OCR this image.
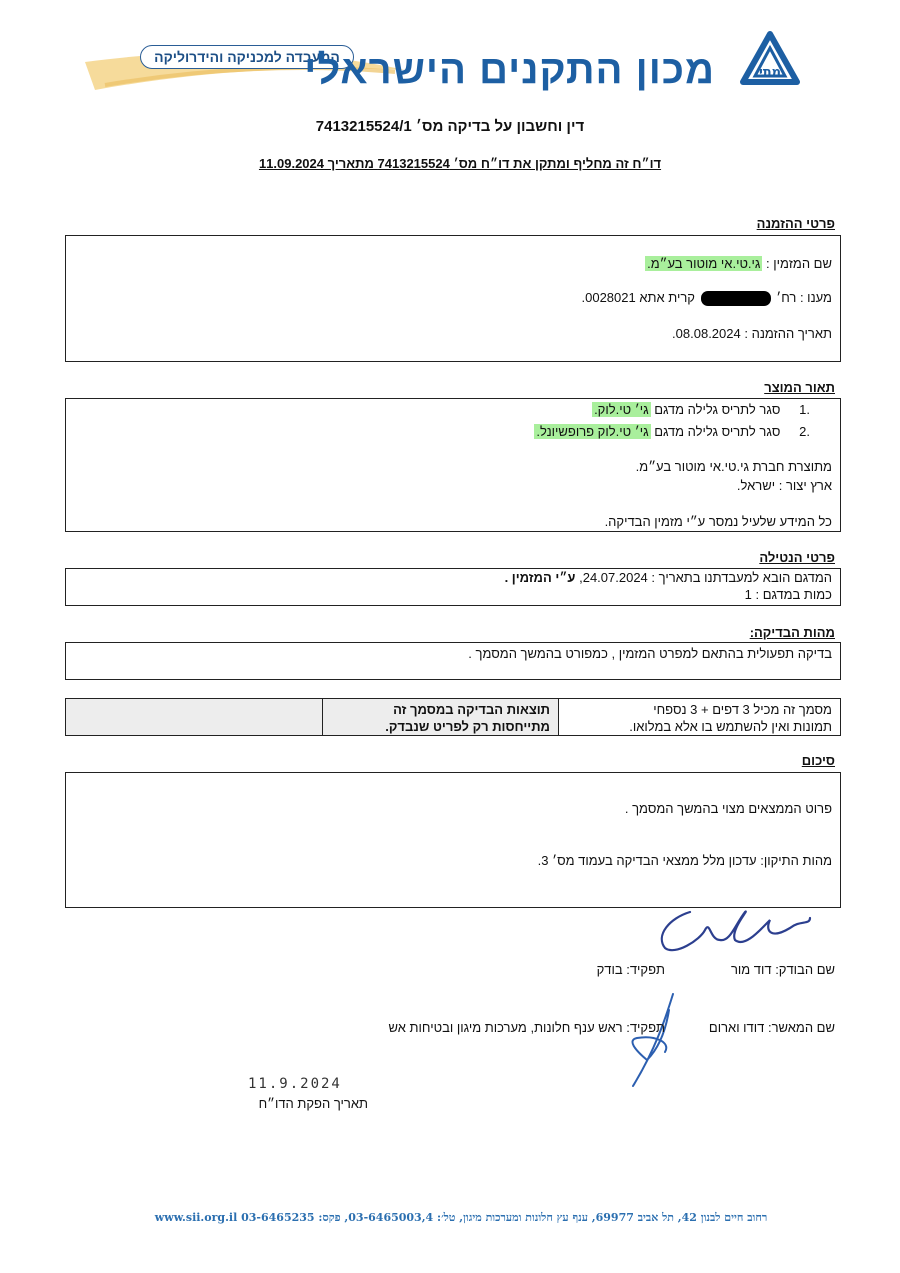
המעבדה למכניקה והידרוליקה
מכון התקנים הישראלי	מתי
דין וחשבון על בדיקה מס׳ 7413215524/1
דו״ח זה מחליף ומתקן את דו״ח מס׳ 7413215524 מתאריך 11.09.2024
פרטי ההזמנה
שם המזמין : גי.טי.אי מוטור בע״מ.
מענו : רח׳  קרית אתא 0028021.
תאריך ההזמנה : 08.08.2024.
תאור המוצר
.1 סגר לתריס גלילה מדגם גי׳ טי.לוק.
.2 סגר לתריס גלילה מדגם גי׳ טי.לוק פרופשיונל.
מתוצרת חברת גי.טי.אי מוטור בע״מ.
ארץ יצור : ישראל.
כל המידע שלעיל נמסר ע״י מזמין הבדיקה.
פרטי הנטילה
המדגם הובא למעבדתנו בתאריך : 24.07.2024, ע״י המזמין .
כמות במדגם : 1
מהות הבדיקה:
בדיקה תפעולית בהתאם למפרט המזמין , כמפורט בהמשך המסמך .
מסמך זה מכיל 3 דפים + 3 נספחי
תמונות ואין להשתמש בו אלא במלואו.
תוצאות הבדיקה במסמך זה
מתייחסות רק לפריט שנבדק.
סיכום
פרוט הממצאים מצוי בהמשך המסמך .
מהות התיקון: עדכון מלל ממצאי הבדיקה בעמוד מס׳ 3.
שם הבודק: דוד מור
תפקיד: בודק
שם המאשר: דודו וארום
תפקיד: ראש ענף חלונות, מערכות מיגון ובטיחות אש
11.9.2024
תאריך הפקת הדו״ח
רחוב חיים לבנון 42, תל אביב 69977, ענף עץ חלונות ומערכות מיגון, טל׳: 03-6465003,4, פקס: 03-6465235 www.sii.org.il
